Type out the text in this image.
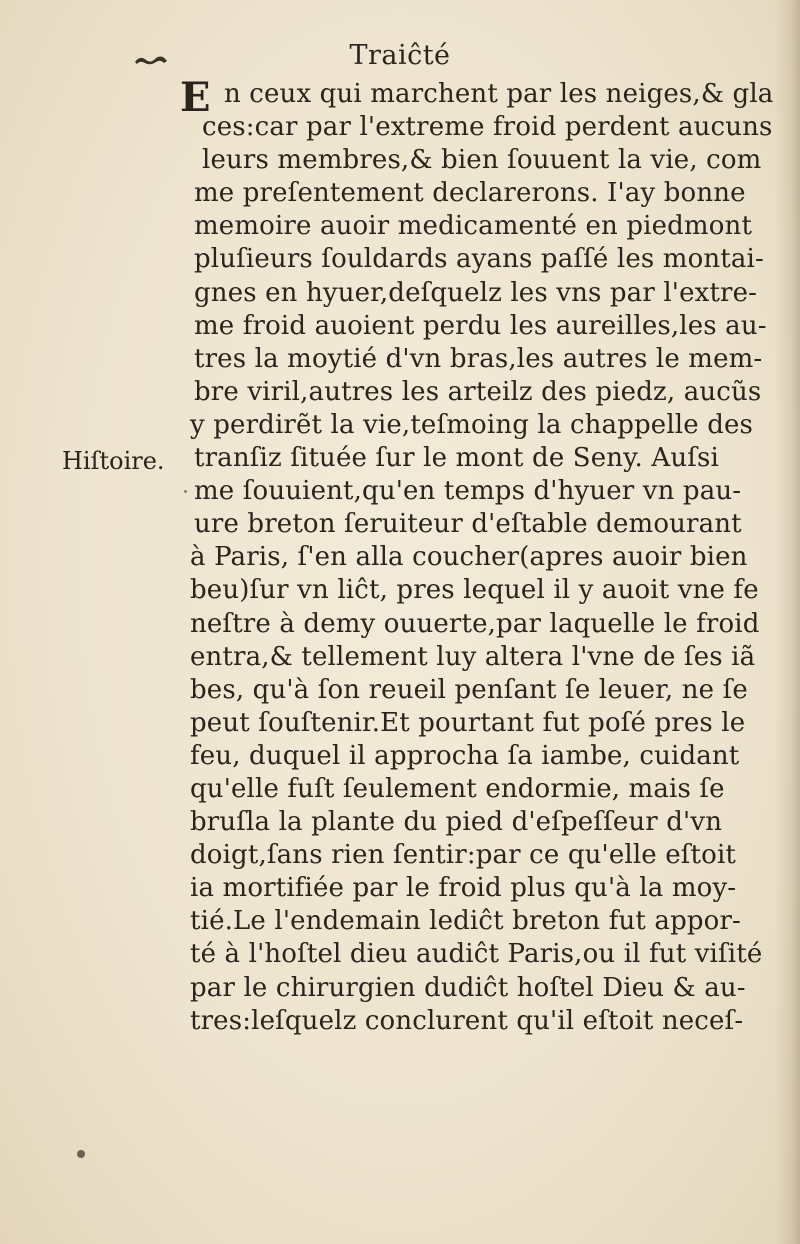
Traiĉté
Hiſtoire.
E n ceux qui marchent par les neiges,& gla
ces:car par l'extreme froid perdent aucuns
leurs membres,& bien ſouuent la vie, com
me preſentement declarerons. I'ay bonne
memoire auoir medicamenté en piedmont
pluſieurs ſouldards ayans paſſé les montai-
gnes en hyuer,deſquelz les vns par l'extre-
me froid auoient perdu les aureilles,les au-
tres la moytié d'vn bras,les autres le mem-
bre viril,autres les arteilz des piedz, aucũs
y perdirẽt la vie,teſmoing la chappelle des
tranſiz ſituée ſur le mont de Seny. Auſsi
me ſouuient,qu'en temps d'hyuer vn pau-
ure breton ſeruiteur d'eſtable demourant
à Paris, ſ'en alla coucher(apres auoir bien
beu)ſur vn liĉt, pres lequel il y auoit vne fe
neſtre à demy ouuerte,par laquelle le froid
entra,& tellement luy altera l'vne de ſes iã
bes, qu'à ſon reueil penſant ſe leuer, ne ſe
peut ſouſtenir.Et pourtant fut poſé pres le
feu, duquel il approcha ſa iambe, cuidant
qu'elle fuſt ſeulement endormie, mais ſe
bruſla la plante du pied d'eſpeſſeur d'vn
doigt,ſans rien ſentir:par ce qu'elle eſtoit
ia mortifiée par le froid plus qu'à la moy-
tié.Le l'endemain lediĉt breton fut appor-
té à l'hoſtel dieu audiĉt Paris,ou il fut viſité
par le chirurgien dudiĉt hoſtel Dieu & au-
tres:leſquelz conclurent qu'il eſtoit neceſ-
